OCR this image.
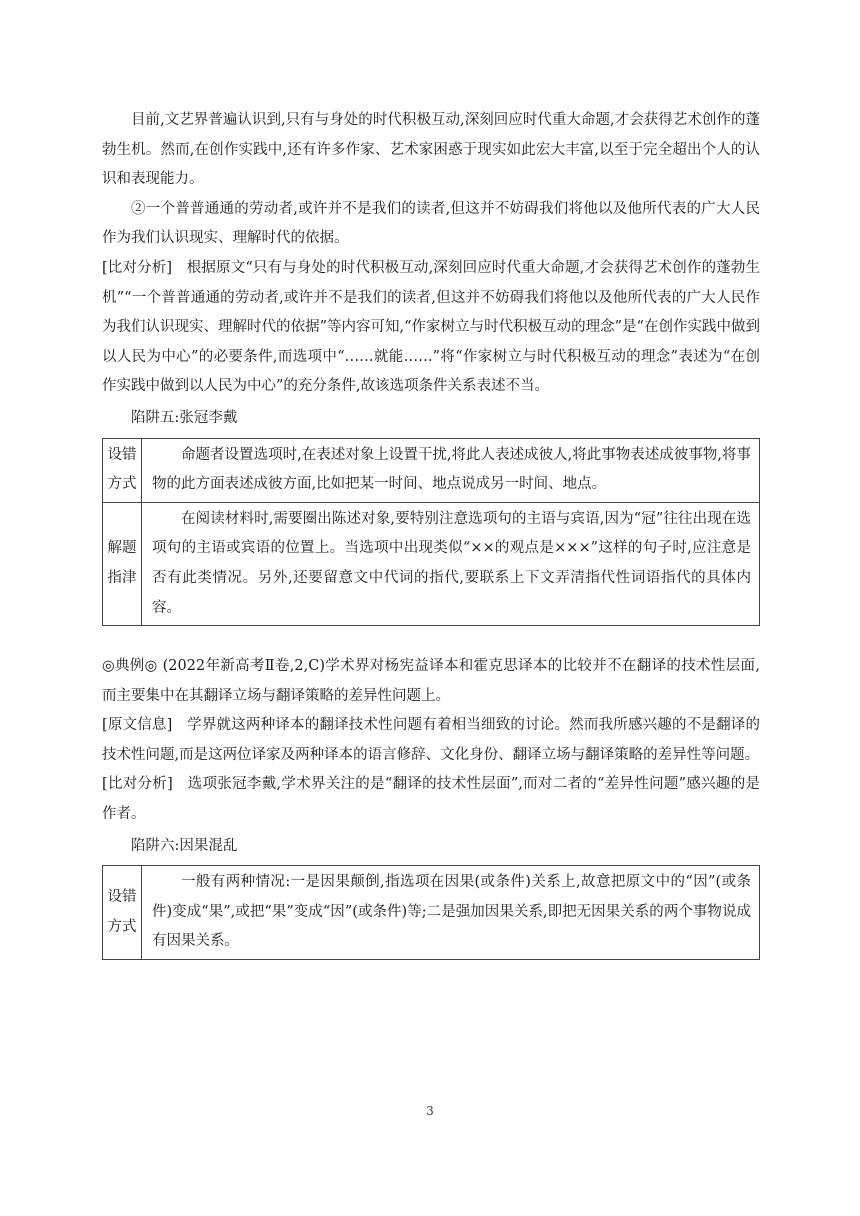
目前,文艺界普遍认识到,只有与身处的时代积极互动,深刻回应时代重大命题,才会获得艺术创作的蓬勃生机。然而,在创作实践中,还有许多作家、艺术家困惑于现实如此宏大丰富,以至于完全超出个人的认识和表现能力。

②一个普普通通的劳动者,或许并不是我们的读者,但这并不妨碍我们将他以及他所代表的广大人民作为我们认识现实、理解时代的依据。

[比对分析]　根据原文“只有与身处的时代积极互动,深刻回应时代重大命题,才会获得艺术创作的蓬勃生机”“一个普普通通的劳动者,或许并不是我们的读者,但这并不妨碍我们将他以及他所代表的广大人民作为我们认识现实、理解时代的依据”等内容可知,“作家树立与时代积极互动的理念”是“在创作实践中做到以人民为中心”的必要条件,而选项中“……就能……”将“作家树立与时代积极互动的理念”表述为“在创作实践中做到以人民为中心”的充分条件,故该选项条件关系表述不当。

陷阱五:张冠李戴

设错方式	命题者设置选项时,在表述对象上设置干扰,将此人表述成彼人,将此事物表述成彼事物,将事物的此方面表述成彼方面,比如把某一时间、地点说成另一时间、地点。
解题指津	在阅读材料时,需要圈出陈述对象,要特别注意选项句的主语与宾语,因为“冠”往往出现在选项句的主语或宾语的位置上。当选项中出现类似“××的观点是×××”这样的句子时,应注意是否有此类情况。另外,还要留意文中代词的指代,要联系上下文弄清指代性词语指代的具体内容。

◎典例◎ (2022年新高考Ⅱ卷,2,C)学术界对杨宪益译本和霍克思译本的比较并不在翻译的技术性层面,而主要集中在其翻译立场与翻译策略的差异性问题上。

[原文信息]　学界就这两种译本的翻译技术性问题有着相当细致的讨论。然而我所感兴趣的不是翻译的技术性问题,而是这两位译家及两种译本的语言修辞、文化身份、翻译立场与翻译策略的差异性等问题。

[比对分析]　选项张冠李戴,学术界关注的是“翻译的技术性层面”,而对二者的“差异性问题”感兴趣的是作者。

陷阱六:因果混乱

设错方式	一般有两种情况:一是因果颠倒,指选项在因果(或条件)关系上,故意把原文中的“因”(或条件)变成“果”,或把“果”变成“因”(或条件)等;二是强加因果关系,即把无因果关系的两个事物说成有因果关系。
3
